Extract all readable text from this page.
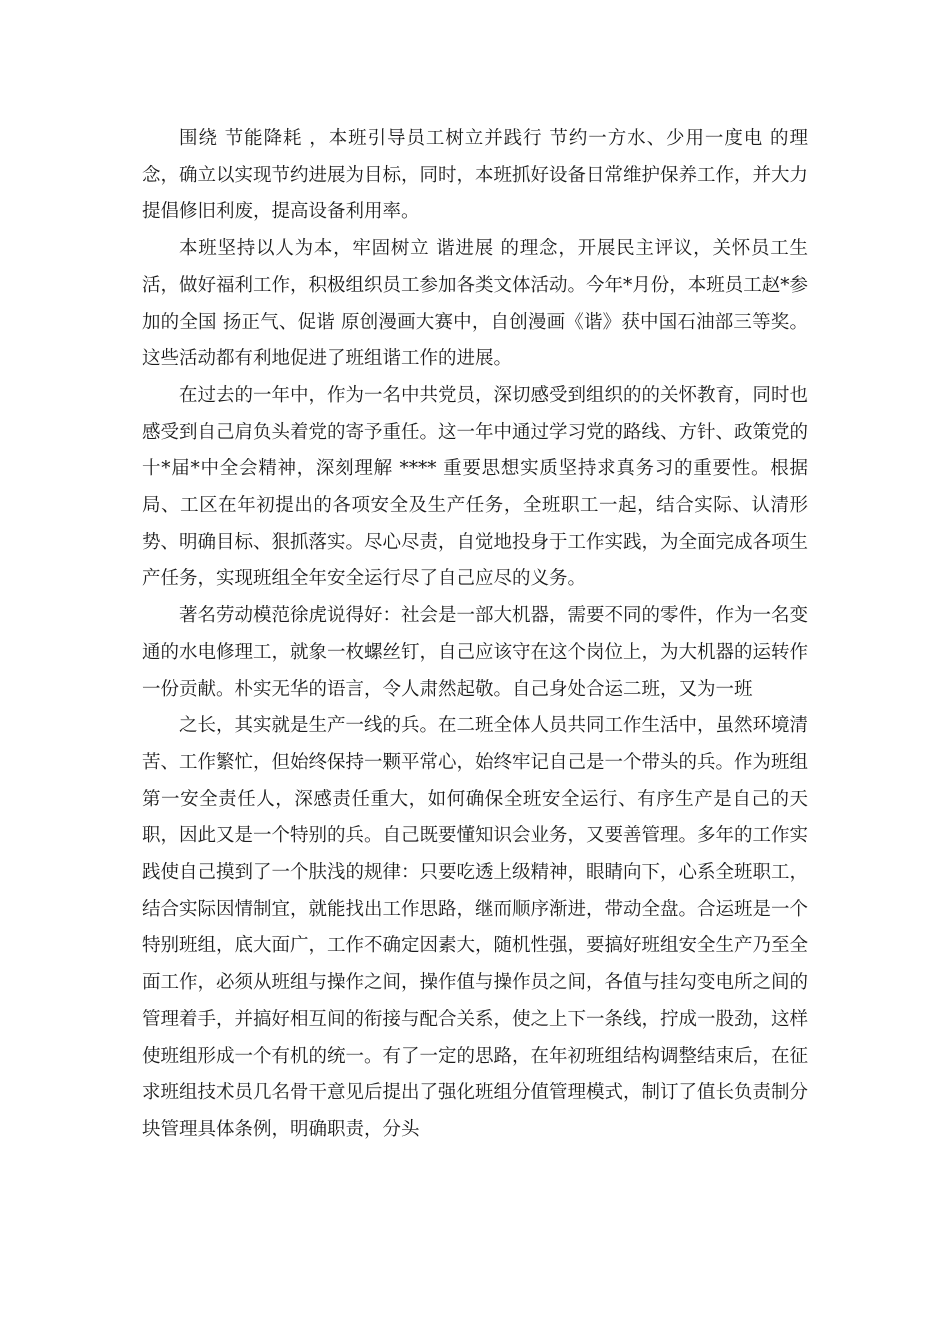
围绕 节能降耗 ，本班引导员工树立并践行 节约一方水、少用一度电 的理念，确立以实现节约进展为目标，同时，本班抓好设备日常维护保养工作，并大力提倡修旧利废，提高设备利用率。

本班坚持以人为本，牢固树立 谐进展 的理念，开展民主评议，关怀员工生活，做好福利工作，积极组织员工参加各类文体活动。今年*月份，本班员工赵*参加的全国 扬正气、促谐 原创漫画大赛中，自创漫画《谐》获中国石油部三等奖。这些活动都有利地促进了班组谐工作的进展。

在过去的一年中，作为一名中共党员，深切感受到组织的的关怀教育，同时也感受到自己肩负头着党的寄予重任。这一年中通过学习党的路线、方针、政策党的十*届*中全会精神，深刻理解 **** 重要思想实质坚持求真务习的重要性。根据局、工区在年初提出的各项安全及生产任务，全班职工一起，结合实际、认清形势、明确目标、狠抓落实。尽心尽责，自觉地投身于工作实践，为全面完成各项生产任务，实现班组全年安全运行尽了自己应尽的义务。

著名劳动模范徐虎说得好：社会是一部大机器，需要不同的零件，作为一名变通的水电修理工，就象一枚螺丝钉，自己应该守在这个岗位上，为大机器的运转作一份贡献。朴实无华的语言，令人肃然起敬。自己身处合运二班，又为一班

之长，其实就是生产一线的兵。在二班全体人员共同工作生活中，虽然环境清苦、工作繁忙，但始终保持一颗平常心，始终牢记自己是一个带头的兵。作为班组第一安全责任人，深感责任重大，如何确保全班安全运行、有序生产是自己的天职，因此又是一个特别的兵。自己既要懂知识会业务，又要善管理。多年的工作实践使自己摸到了一个肤浅的规律：只要吃透上级精神，眼睛向下，心系全班职工，结合实际因情制宜，就能找出工作思路，继而顺序渐进，带动全盘。合运班是一个特别班组，底大面广，工作不确定因素大，随机性强，要搞好班组安全生产乃至全面工作，必须从班组与操作之间，操作值与操作员之间，各值与挂勾变电所之间的管理着手，并搞好相互间的衔接与配合关系，使之上下一条线，拧成一股劲，这样使班组形成一个有机的统一。有了一定的思路，在年初班组结构调整结束后，在征求班组技术员几名骨干意见后提出了强化班组分值管理模式，制订了值长负责制分块管理具体条例，明确职责，分头
